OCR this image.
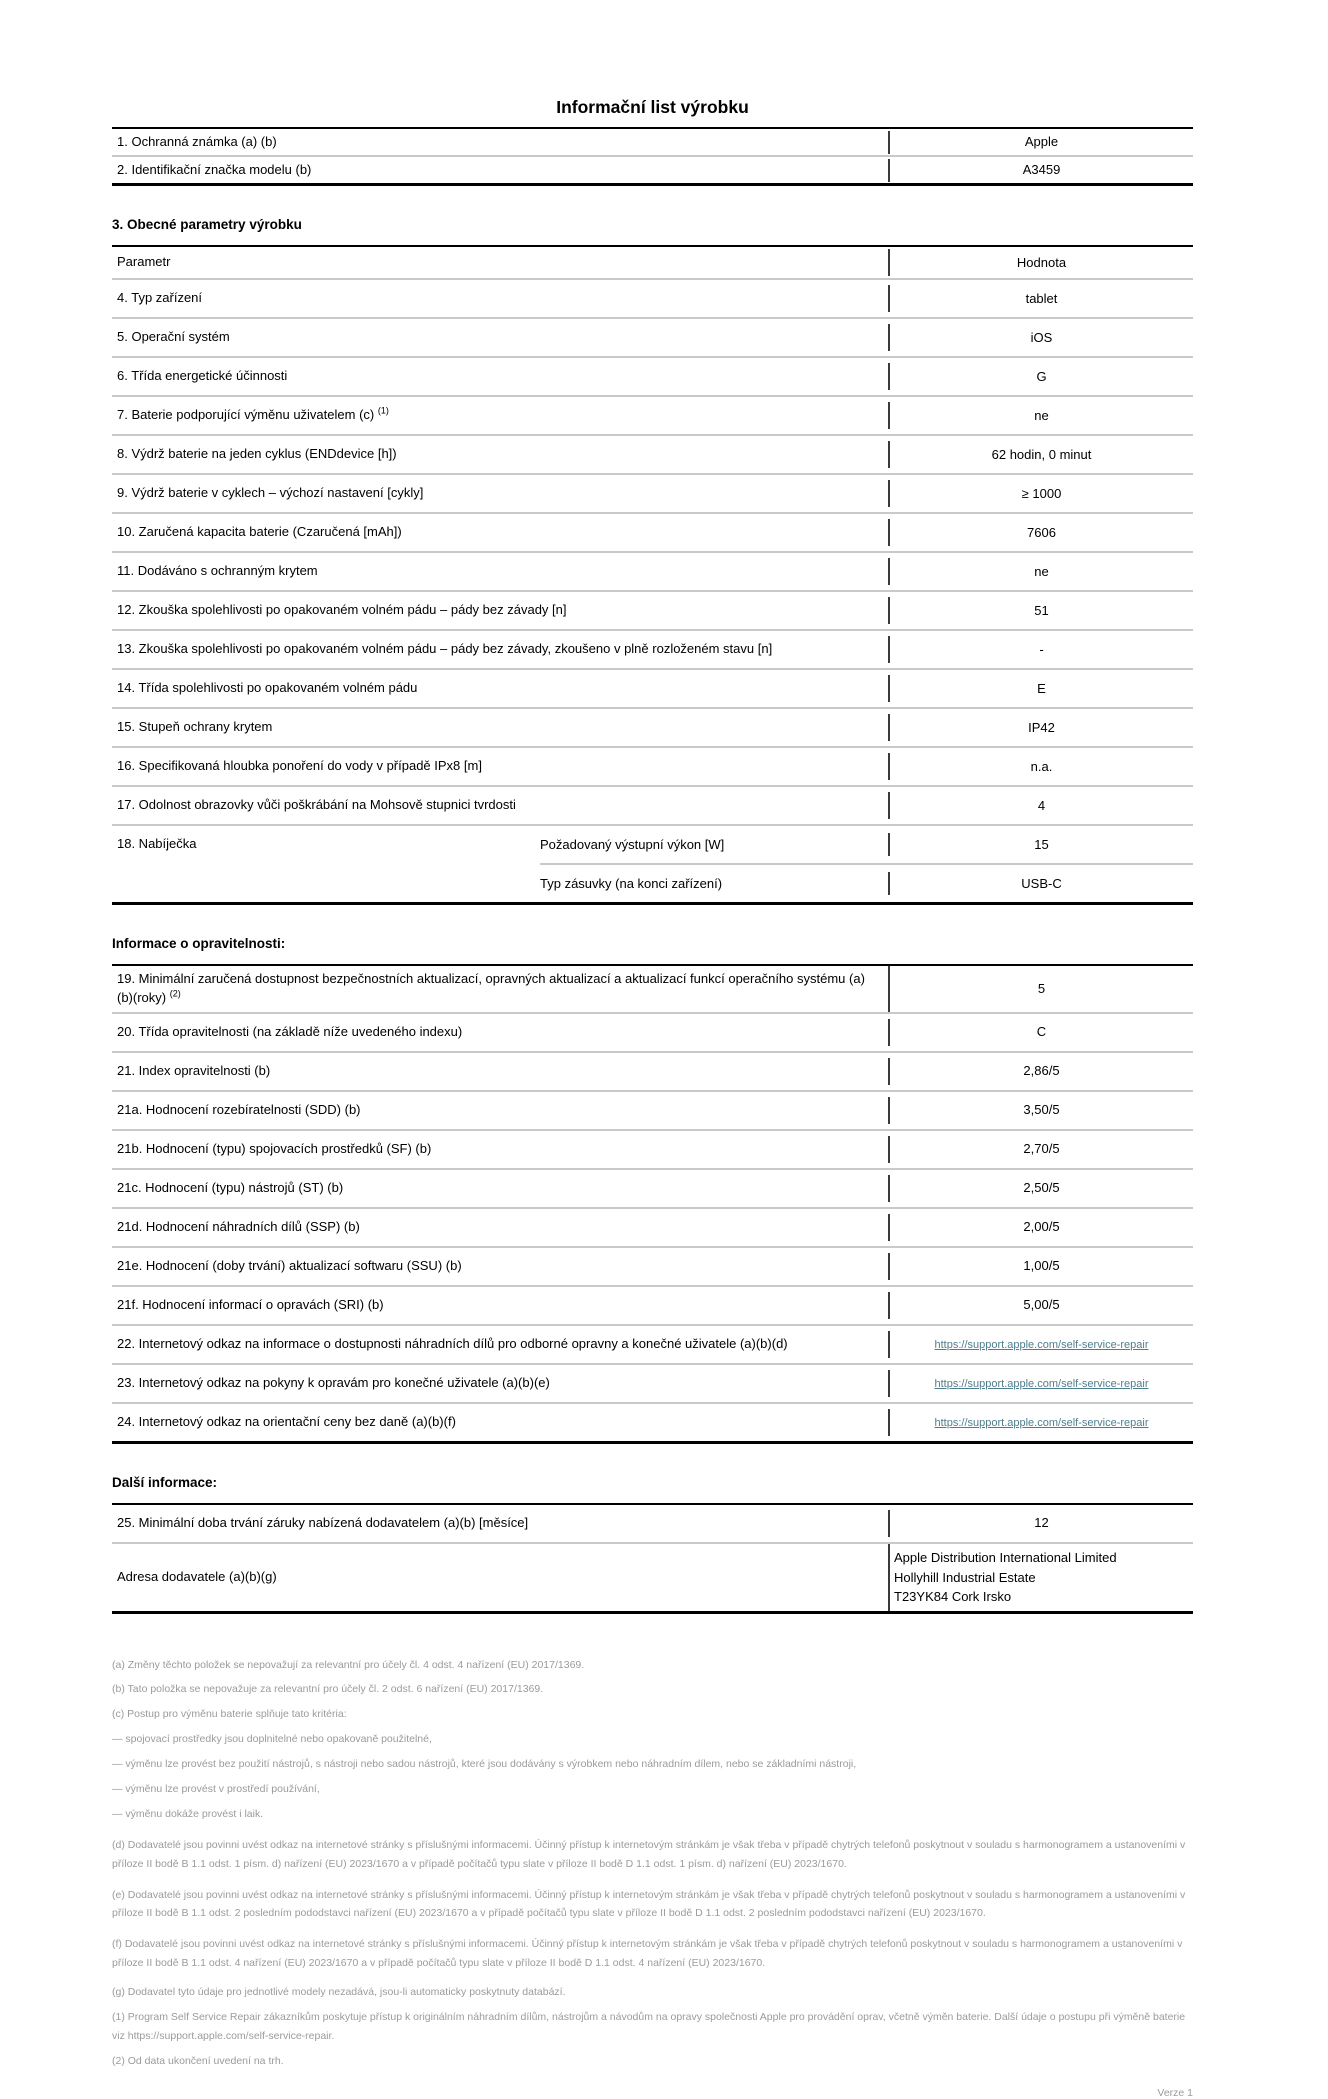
Informační list výrobku
1. Ochranná známka (a) (b)	Apple
2. Identifikační značka modelu (b)	A3459
3. Obecné parametry výrobku
Parametr	Hodnota
4. Typ zařízení	tablet
5. Operační systém	iOS
6. Třída energetické účinnosti	G
7. Baterie podporující výměnu uživatelem (c) $^{(1)}$	ne
8. Výdrž baterie na jeden cyklus (ENDdevice [h])	62 hodin, 0 minut
9. Výdrž baterie v cyklech – výchozí nastavení [cykly]	≥ 1000
10. Zaručená kapacita baterie (Czaručená [mAh])	7606
11. Dodáváno s ochranným krytem	ne
12. Zkouška spolehlivosti po opakovaném volném pádu – pády bez závady [n]	51
13. Zkouška spolehlivosti po opakovaném volném pádu – pády bez závady, zkoušeno v plně rozloženém stavu [n]	-
14. Třída spolehlivosti po opakovaném volném pádu	E
15. Stupeň ochrany krytem	IP42
16. Specifikovaná hloubka ponoření do vody v případě IPx8 [m]	n.a.
17. Odolnost obrazovky vůči poškrábání na Mohsově stupnici tvrdosti	4
18. Nabíječka	Požadovaný výstupní výkon [W]	15
Typ zásuvky (na konci zařízení)	USB-C
Informace o opravitelnosti:
19. Minimální zaručená dostupnost bezpečnostních aktualizací, opravných aktualizací a aktualizací funkcí operačního systému (a)(b)(roky) $^{(2)}$	5
20. Třída opravitelnosti (na základě níže uvedeného indexu)	C
21. Index opravitelnosti (b)	2,86/5
21a. Hodnocení rozebíratelnosti (SDD) (b)	3,50/5
21b. Hodnocení (typu) spojovacích prostředků (SF) (b)	2,70/5
21c. Hodnocení (typu) nástrojů (ST) (b)	2,50/5
21d. Hodnocení náhradních dílů (SSP) (b)	2,00/5
21e. Hodnocení (doby trvání) aktualizací softwaru (SSU) (b)	1,00/5
21f. Hodnocení informací o opravách (SRI) (b)	5,00/5
22. Internetový odkaz na informace o dostupnosti náhradních dílů pro odborné opravny a konečné uživatele (a)(b)(d)	https://support.apple.com/self-service-repair
23. Internetový odkaz na pokyny k opravám pro konečné uživatele (a)(b)(e)	https://support.apple.com/self-service-repair
24. Internetový odkaz na orientační ceny bez daně (a)(b)(f)	https://support.apple.com/self-service-repair
Další informace:
25. Minimální doba trvání záruky nabízená dodavatelem (a)(b) [měsíce]	12
Adresa dodavatele (a)(b)(g)
Apple Distribution International Limited
Hollyhill Industrial Estate
T23YK84 Cork Irsko

(a) Změny těchto položek se nepovažují za relevantní pro účely čl. 4 odst. 4 nařízení (EU) 2017/1369.

(b) Tato položka se nepovažuje za relevantní pro účely čl. 2 odst. 6 nařízení (EU) 2017/1369.

(c) Postup pro výměnu baterie splňuje tato kritéria:

— spojovací prostředky jsou doplnitelné nebo opakovaně použitelné,

— výměnu lze provést bez použití nástrojů, s nástroji nebo sadou nástrojů, které jsou dodávány s výrobkem nebo náhradním dílem, nebo se základními nástroji,

— výměnu lze provést v prostředí používání,

— výměnu dokáže provést i laik.

(d) Dodavatelé jsou povinni uvést odkaz na internetové stránky s příslušnými informacemi. Účinný přístup k internetovým stránkám je však třeba v případě chytrých telefonů poskytnout v souladu s harmonogramem a ustanoveními v příloze II bodě B 1.1 odst. 1 písm. d) nařízení (EU) 2023/1670 a v případě počítačů typu slate v příloze II bodě D 1.1 odst. 1 písm. d) nařízení (EU) 2023/1670.

(e) Dodavatelé jsou povinni uvést odkaz na internetové stránky s příslušnými informacemi. Účinný přístup k internetovým stránkám je však třeba v případě chytrých telefonů poskytnout v souladu s harmonogramem a ustanoveními v příloze II bodě B 1.1 odst. 2 posledním pododstavci nařízení (EU) 2023/1670 a v případě počítačů typu slate v příloze II bodě D 1.1 odst. 2 posledním pododstavci nařízení (EU) 2023/1670.

(f) Dodavatelé jsou povinni uvést odkaz na internetové stránky s příslušnými informacemi. Účinný přístup k internetovým stránkám je však třeba v případě chytrých telefonů poskytnout v souladu s harmonogramem a ustanoveními v příloze II bodě B 1.1 odst. 4 nařízení (EU) 2023/1670 a v případě počítačů typu slate v příloze II bodě D 1.1 odst. 4 nařízení (EU) 2023/1670.

(g) Dodavatel tyto údaje pro jednotlivé modely nezadává, jsou-li automaticky poskytnuty databází.

(1) Program Self Service Repair zákazníkům poskytuje přístup k originálním náhradním dílům, nástrojům a návodům na opravy společnosti Apple pro provádění oprav, včetně výměn baterie. Další údaje o postupu při výměně baterie viz https://support.apple.com/self-service-repair.

(2) Od data ukončení uvedení na trh.

Verze 1
